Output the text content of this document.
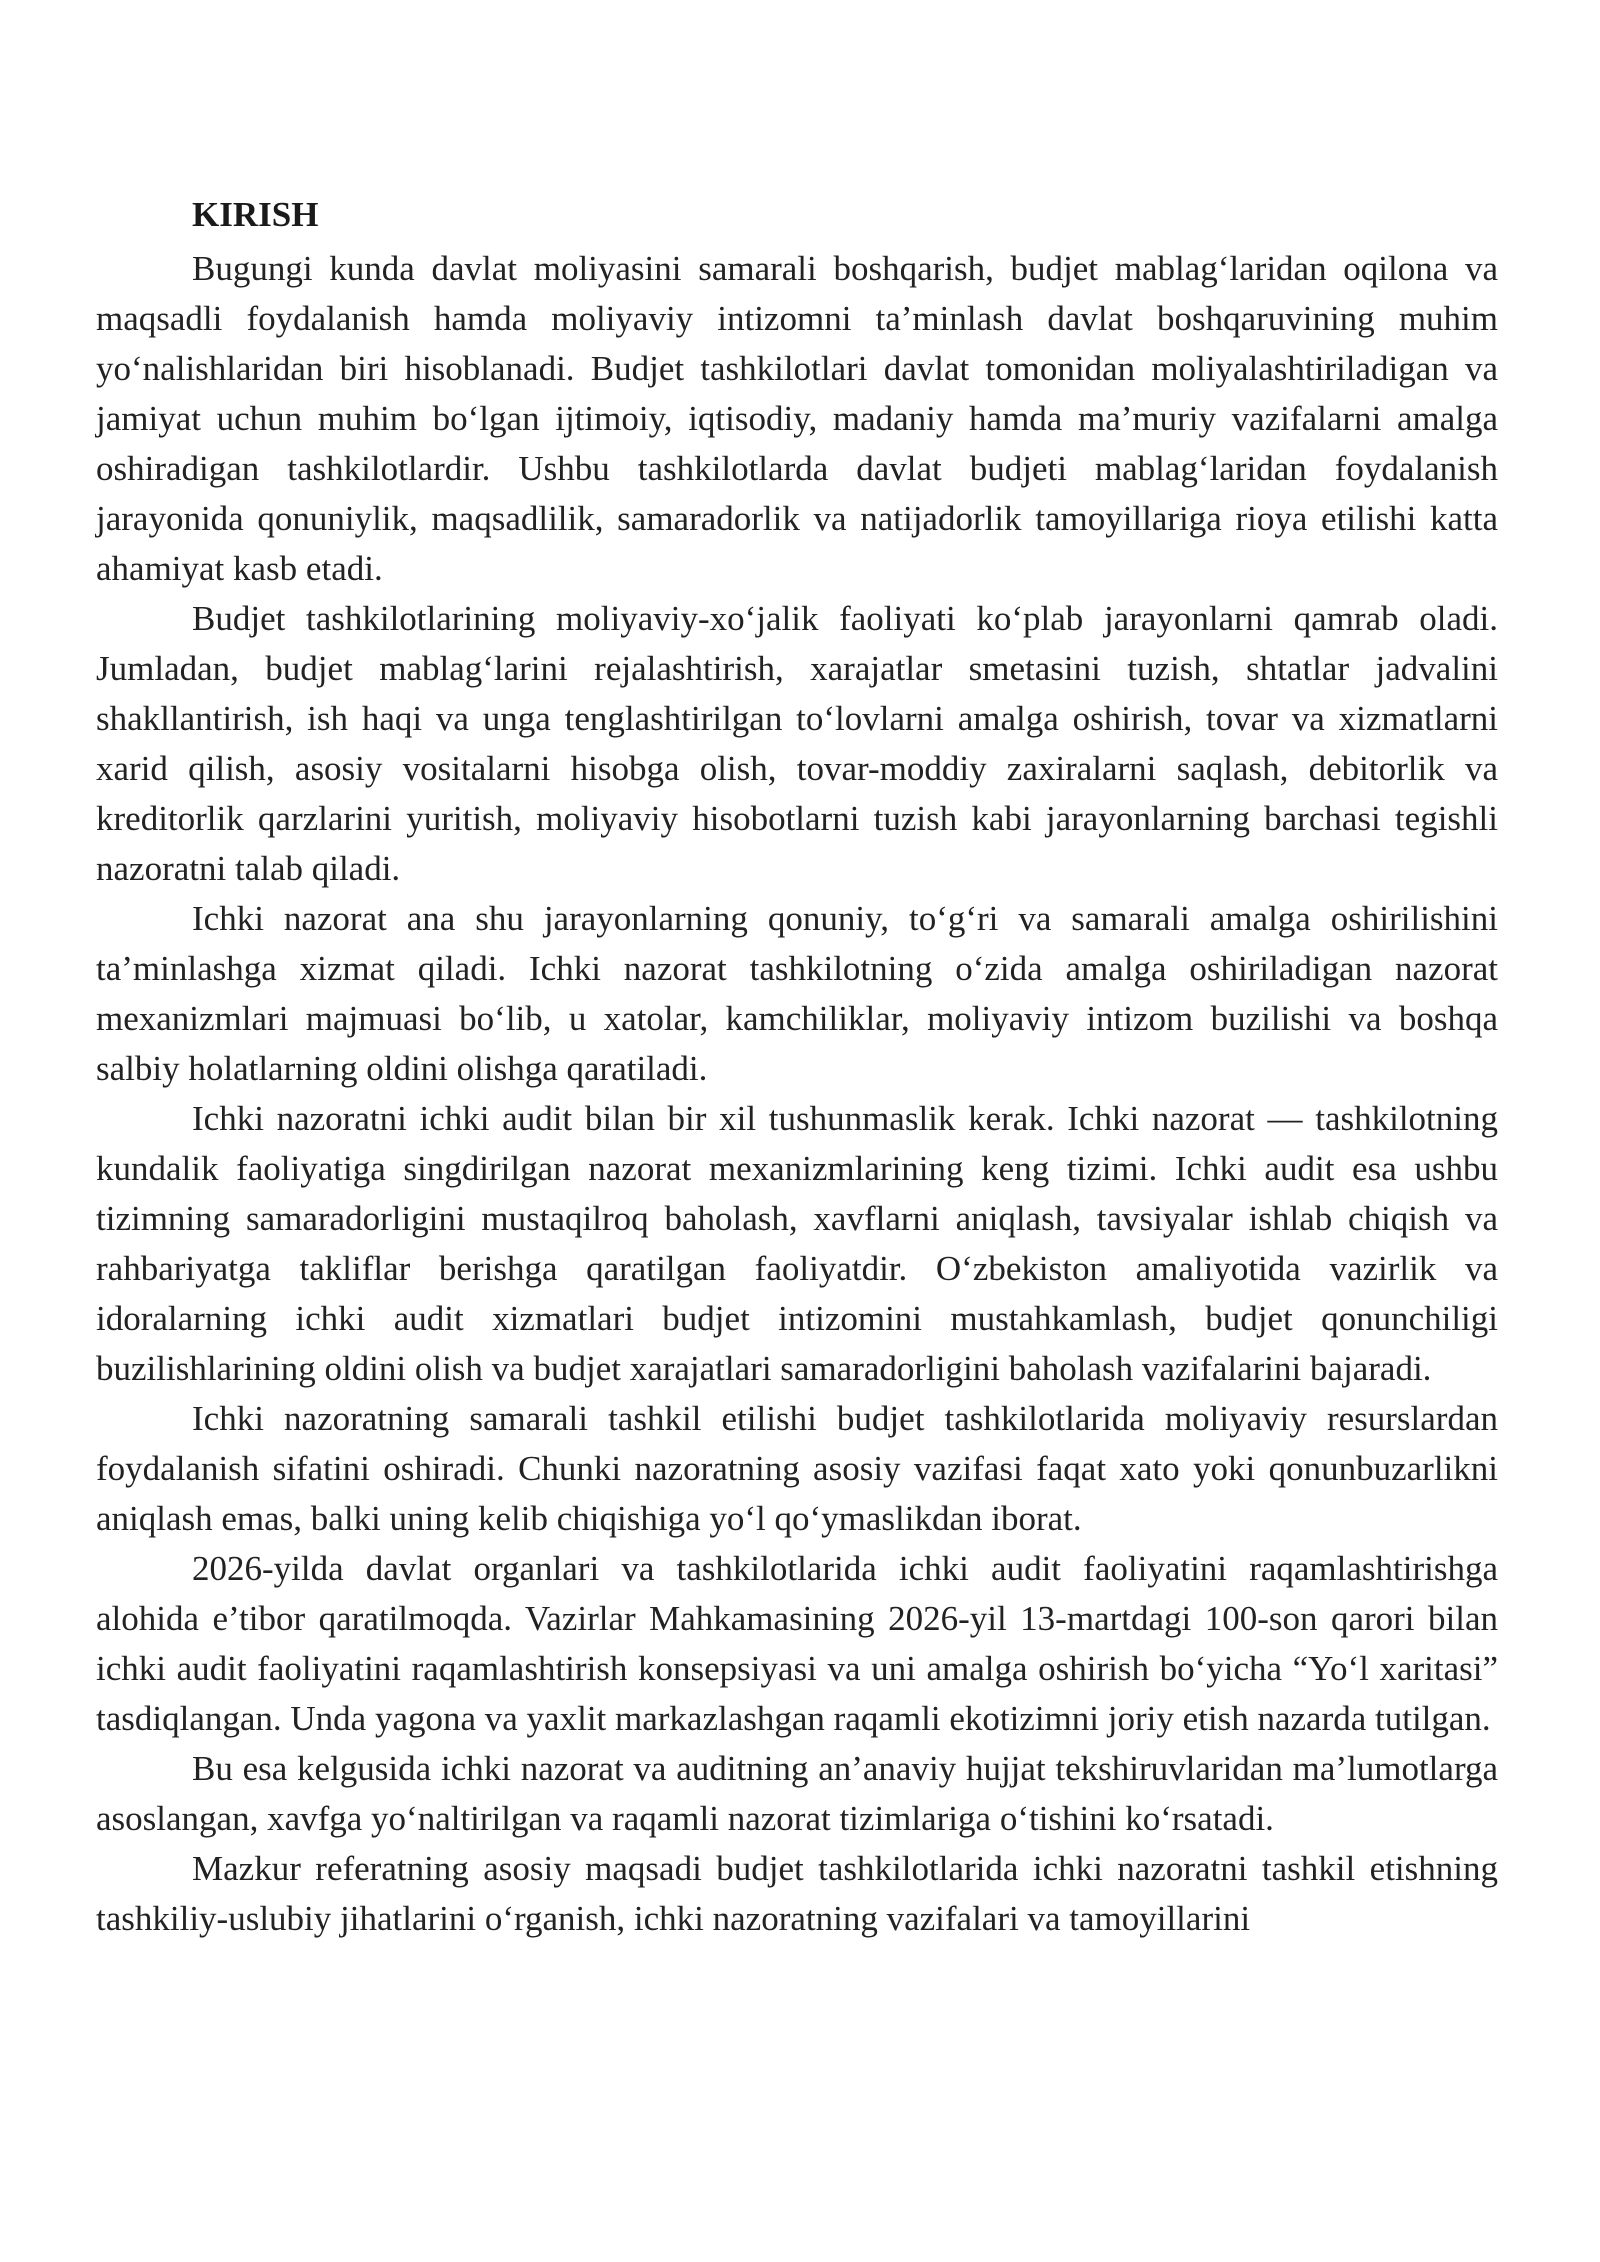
KIRISH

Bugungi kunda davlat moliyasini samarali boshqarish, budjet mablag‘laridan oqilona va maqsadli foydalanish hamda moliyaviy intizomni ta’minlash davlat boshqaruvining muhim yo‘nalishlaridan biri hisoblanadi. Budjet tashkilotlari davlat tomonidan moliyalashtiriladigan va jamiyat uchun muhim bo‘lgan ijtimoiy, iqtisodiy, madaniy hamda ma’muriy vazifalarni amalga oshiradigan tashkilotlardir. Ushbu tashkilotlarda davlat budjeti mablag‘laridan foydalanish jarayonida qonuniylik, maqsadlilik, samaradorlik va natijadorlik tamoyillariga rioya etilishi katta ahamiyat kasb etadi.

Budjet tashkilotlarining moliyaviy-xo‘jalik faoliyati ko‘plab jarayonlarni qamrab oladi. Jumladan, budjet mablag‘larini rejalashtirish, xarajatlar smetasini tuzish, shtatlar jadvalini shakllantirish, ish haqi va unga tenglashtirilgan to‘lovlarni amalga oshirish, tovar va xizmatlarni xarid qilish, asosiy vositalarni hisobga olish, tovar-moddiy zaxiralarni saqlash, debitorlik va kreditorlik qarzlarini yuritish, moliyaviy hisobotlarni tuzish kabi jarayonlarning barchasi tegishli nazoratni talab qiladi.

Ichki nazorat ana shu jarayonlarning qonuniy, to‘g‘ri va samarali amalga oshirilishini ta’minlashga xizmat qiladi. Ichki nazorat tashkilotning o‘zida amalga oshiriladigan nazorat mexanizmlari majmuasi bo‘lib, u xatolar, kamchiliklar, moliyaviy intizom buzilishi va boshqa salbiy holatlarning oldini olishga qaratiladi.

Ichki nazoratni ichki audit bilan bir xil tushunmaslik kerak. Ichki nazorat — tashkilotning kundalik faoliyatiga singdirilgan nazorat mexanizmlarining keng tizimi. Ichki audit esa ushbu tizimning samaradorligini mustaqilroq baholash, xavflarni aniqlash, tavsiyalar ishlab chiqish va rahbariyatga takliflar berishga qaratilgan faoliyatdir. O‘zbekiston amaliyotida vazirlik va idoralarning ichki audit xizmatlari budjet intizomini mustahkamlash, budjet qonunchiligi buzilishlarining oldini olish va budjet xarajatlari samaradorligini baholash vazifalarini bajaradi.

Ichki nazoratning samarali tashkil etilishi budjet tashkilotlarida moliyaviy resurslardan foydalanish sifatini oshiradi. Chunki nazoratning asosiy vazifasi faqat xato yoki qonunbuzarlikni aniqlash emas, balki uning kelib chiqishiga yo‘l qo‘ymaslikdan iborat.

2026-yilda davlat organlari va tashkilotlarida ichki audit faoliyatini raqamlashtirishga alohida e’tibor qaratilmoqda. Vazirlar Mahkamasining 2026-yil 13-martdagi 100-son qarori bilan ichki audit faoliyatini raqamlashtirish konsepsiyasi va uni amalga oshirish bo‘yicha “Yo‘l xaritasi” tasdiqlangan. Unda yagona va yaxlit markazlashgan raqamli ekotizimni joriy etish nazarda tutilgan.

Bu esa kelgusida ichki nazorat va auditning an’anaviy hujjat tekshiruvlaridan ma’lumotlarga asoslangan, xavfga yo‘naltirilgan va raqamli nazorat tizimlariga o‘tishini ko‘rsatadi.

Mazkur referatning asosiy maqsadi budjet tashkilotlarida ichki nazoratni tashkil etishning tashkiliy-uslubiy jihatlarini o‘rganish, ichki nazoratning vazifalari va tamoyillarini
